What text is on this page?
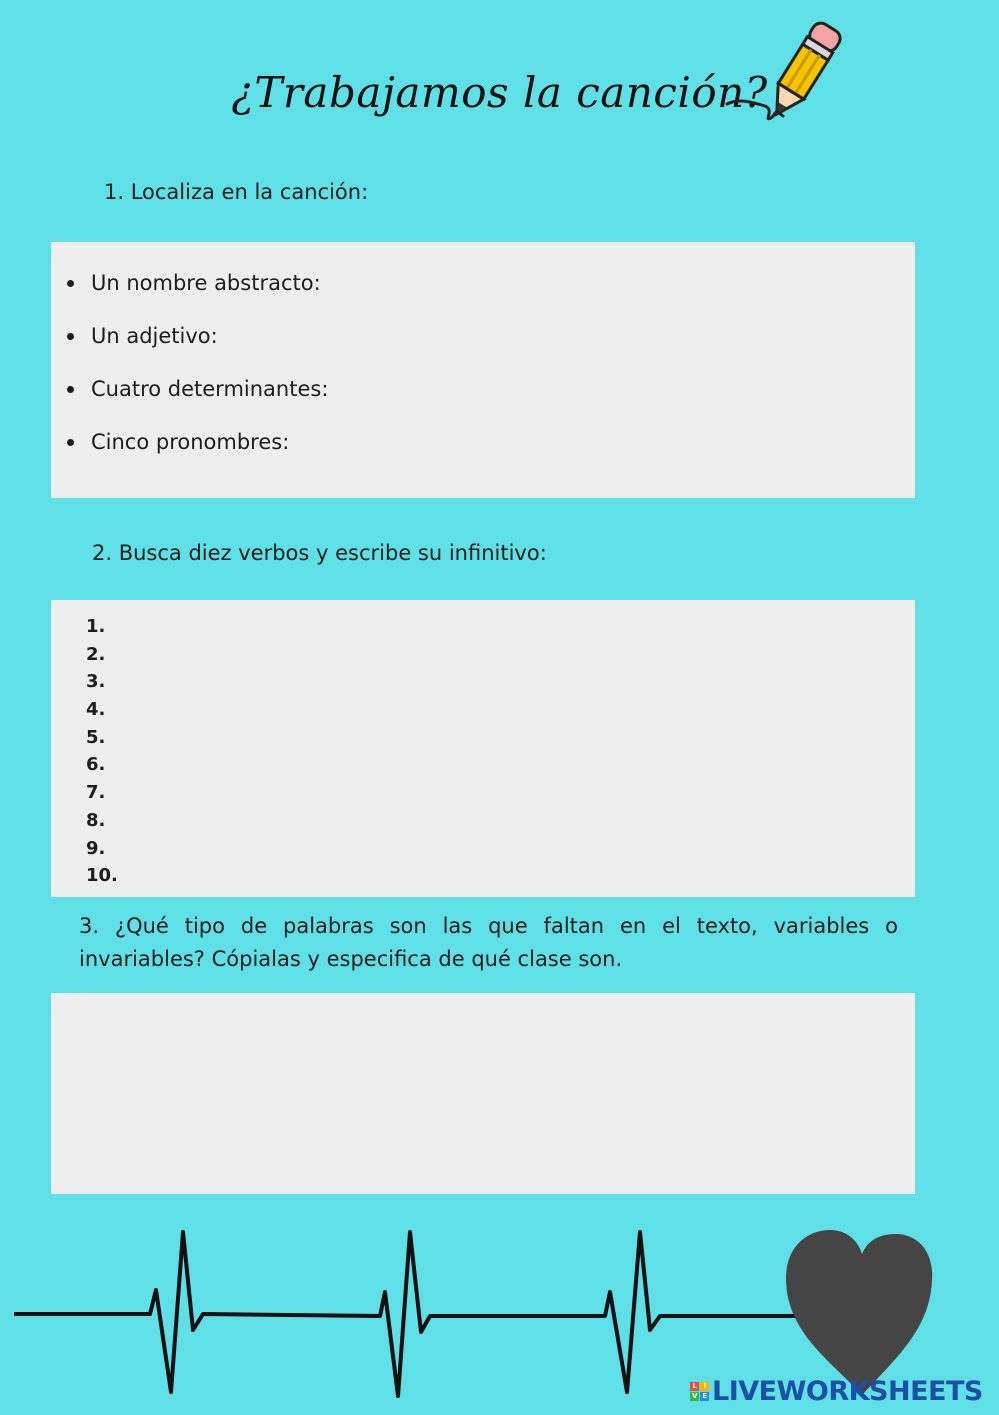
¿Trabajamos la canción?
1. Localiza en la canción:
Un nombre abstracto:
Un adjetivo:
Cuatro determinantes:
Cinco pronombres:
2. Busca diez verbos y escribe su infinitivo:
1.
2.
3.
4.
5.
6.
7.
8.
9.
10.
3. ¿Qué tipo de palabras son las que faltan en el texto, variables o invariables? Cópialas y especifica de qué clase son.
L I
V E LIVEWORKSHEETS
